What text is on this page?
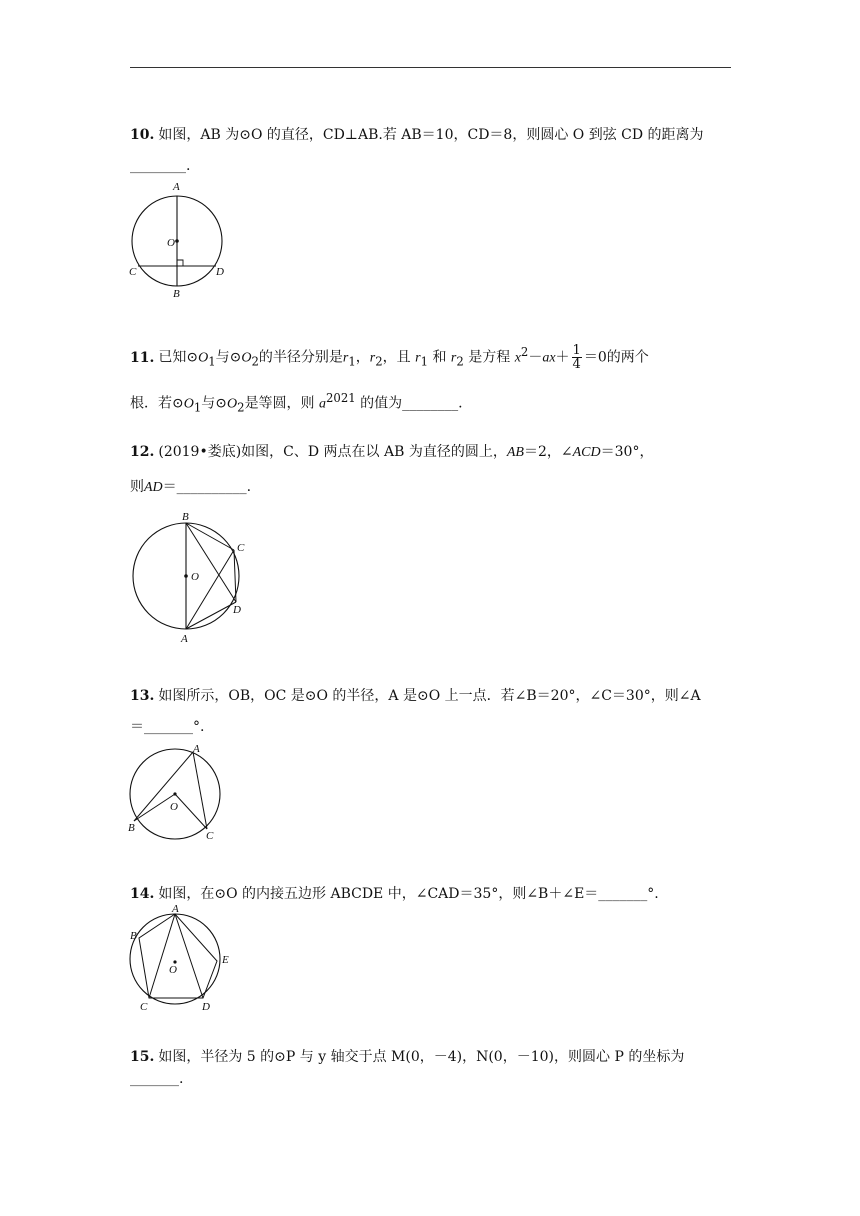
10. 如图，AB 为⊙O 的直径，CD⊥AB.若 AB＝10，CD＝8，则圆心 O 到弦 CD 的距离为

________.

A
O
C	D
B

11. 已知$⊙O_1$与$⊙O_2$的半径分别是$r_1$，$r_2$，且 $r_1$ 和 $r_2$ 是方程 $x^2-ax+ \frac{1}{4} =0$的两个

根．若$⊙O_1$与$⊙O_2$是等圆，则 $a^{2021}$ 的值为________.

12. (2019•娄底)如图，C、D 两点在以 AB 为直径的圆上，AB＝2，∠ACD＝30°，

则AD＝__________.

B
O
C
D
A

13. 如图所示，OB，OC 是⊙O 的半径，A 是⊙O 上一点．若∠B＝20°，∠C＝30°，则∠A

＝_______°.

A
O
B
C

14. 如图，在⊙O 的内接五边形 ABCDE 中，∠CAD＝35°，则∠B＋∠E＝_______°.

A
B
O
E
C	D

15. 如图，半径为 5 的⊙P 与 y 轴交于点 M(0，－4)，N(0，－10)，则圆心 P 的坐标为_______.
